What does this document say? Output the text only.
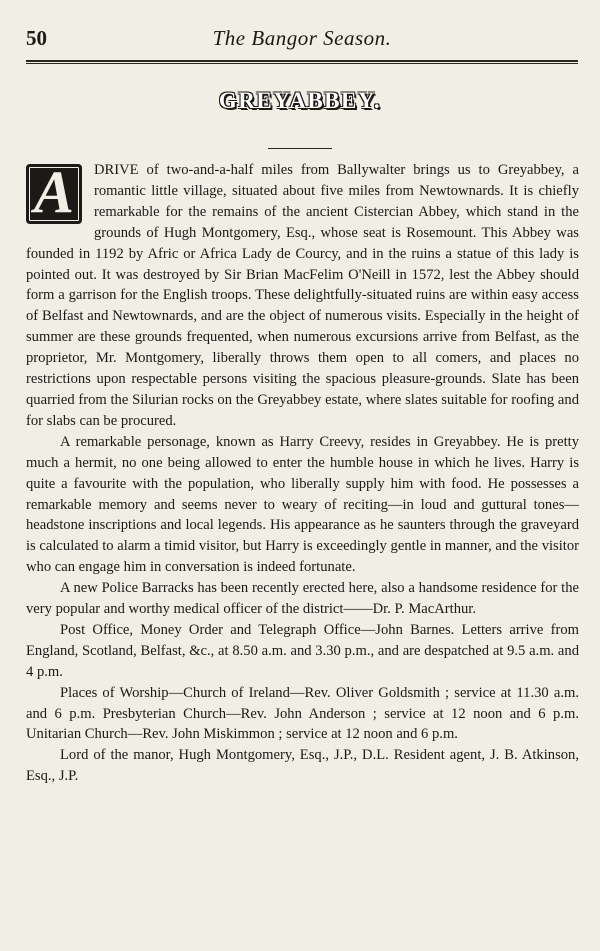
50	The Bangor Season.
GREYABBEY.

A	DRIVE of two-and-a-half miles from Ballywalter brings us to Greyabbey, a romantic little village, situated about five miles from Newtownards. It is chiefly remarkable for the remains of the ancient Cistercian Abbey, which stand in the grounds of Hugh Montgomery, Esq., whose seat is Rosemount. This Abbey was founded in 1192 by Afric or Africa Lady de Courcy, and in the ruins a statue of this lady is pointed out. It was destroyed by Sir Brian MacFelim O'Neill in 1572, lest the Abbey should form a garrison for the English troops. These delightfully-situated ruins are within easy access of Belfast and Newtownards, and are the object of numerous visits. Especially in the height of summer are these grounds frequented, when numerous excursions arrive from Belfast, as the proprietor, Mr. Montgomery, liberally throws them open to all comers, and places no restrictions upon respectable persons visiting the spacious pleasure-grounds. Slate has been quarried from the Silurian rocks on the Greyabbey estate, where slates suitable for roofing and for slabs can be procured.

A remarkable personage, known as Harry Creevy, resides in Greyabbey. He is pretty much a hermit, no one being allowed to enter the humble house in which he lives. Harry is quite a favourite with the population, who liberally supply him with food. He possesses a remarkable memory and seems never to weary of reciting—in loud and guttural tones—headstone inscriptions and local legends. His appearance as he saunters through the graveyard is calculated to alarm a timid visitor, but Harry is exceedingly gentle in manner, and the visitor who can engage him in conversation is indeed fortunate.

A new Police Barracks has been recently erected here, also a handsome residence for the very popular and worthy medical officer of the district——Dr. P. MacArthur.

Post Office, Money Order and Telegraph Office—John Barnes. Letters arrive from England, Scotland, Belfast, &c., at 8.50 a.m. and 3.30 p.m., and are despatched at 9.5 a.m. and 4 p.m.

Places of Worship—Church of Ireland—Rev. Oliver Goldsmith ; service at 11.30 a.m. and 6 p.m. Presbyterian Church—Rev. John Anderson ; service at 12 noon and 6 p.m. Unitarian Church—Rev. John Miskimmon ; service at 12 noon and 6 p.m.

Lord of the manor, Hugh Montgomery, Esq., J.P., D.L. Resident agent, J. B. Atkinson, Esq., J.P.
